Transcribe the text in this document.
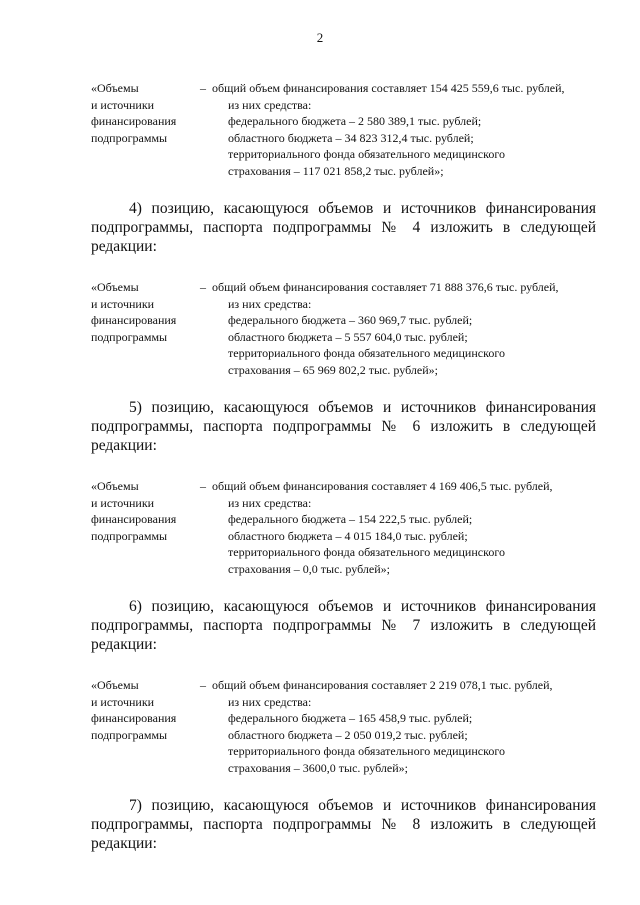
2
«Объемы
и источники
финансирования
подпрограммы
– общий объем финансирования составляет 154 425 559,6 тыс. рублей,
из них средства:
федерального бюджета – 2 580 389,1 тыс. рублей;
областного бюджета – 34 823 312,4 тыс. рублей;
территориального фонда обязательного медицинского
страхования – 117 021 858,2 тыс. рублей»;
4) позицию, касающуюся объемов и источников финансирования
подпрограммы, паспорта подпрограммы № 4 изложить в следующей
редакции:
«Объемы
и источники
финансирования
подпрограммы
– общий объем финансирования составляет 71 888 376,6 тыс. рублей,
из них средства:
федерального бюджета – 360 969,7 тыс. рублей;
областного бюджета – 5 557 604,0 тыс. рублей;
территориального фонда обязательного медицинского
страхования – 65 969 802,2 тыс. рублей»;
5) позицию, касающуюся объемов и источников финансирования
подпрограммы, паспорта подпрограммы № 6 изложить в следующей
редакции:
«Объемы
и источники
финансирования
подпрограммы
– общий объем финансирования составляет 4 169 406,5 тыс. рублей,
из них средства:
федерального бюджета – 154 222,5 тыс. рублей;
областного бюджета – 4 015 184,0 тыс. рублей;
территориального фонда обязательного медицинского
страхования – 0,0 тыс. рублей»;
6) позицию, касающуюся объемов и источников финансирования
подпрограммы, паспорта подпрограммы № 7 изложить в следующей
редакции:
«Объемы
и источники
финансирования
подпрограммы
– общий объем финансирования составляет 2 219 078,1 тыс. рублей,
из них средства:
федерального бюджета – 165 458,9 тыс. рублей;
областного бюджета – 2 050 019,2 тыс. рублей;
территориального фонда обязательного медицинского
страхования – 3600,0 тыс. рублей»;
7) позицию, касающуюся объемов и источников финансирования
подпрограммы, паспорта подпрограммы № 8 изложить в следующей
редакции:
